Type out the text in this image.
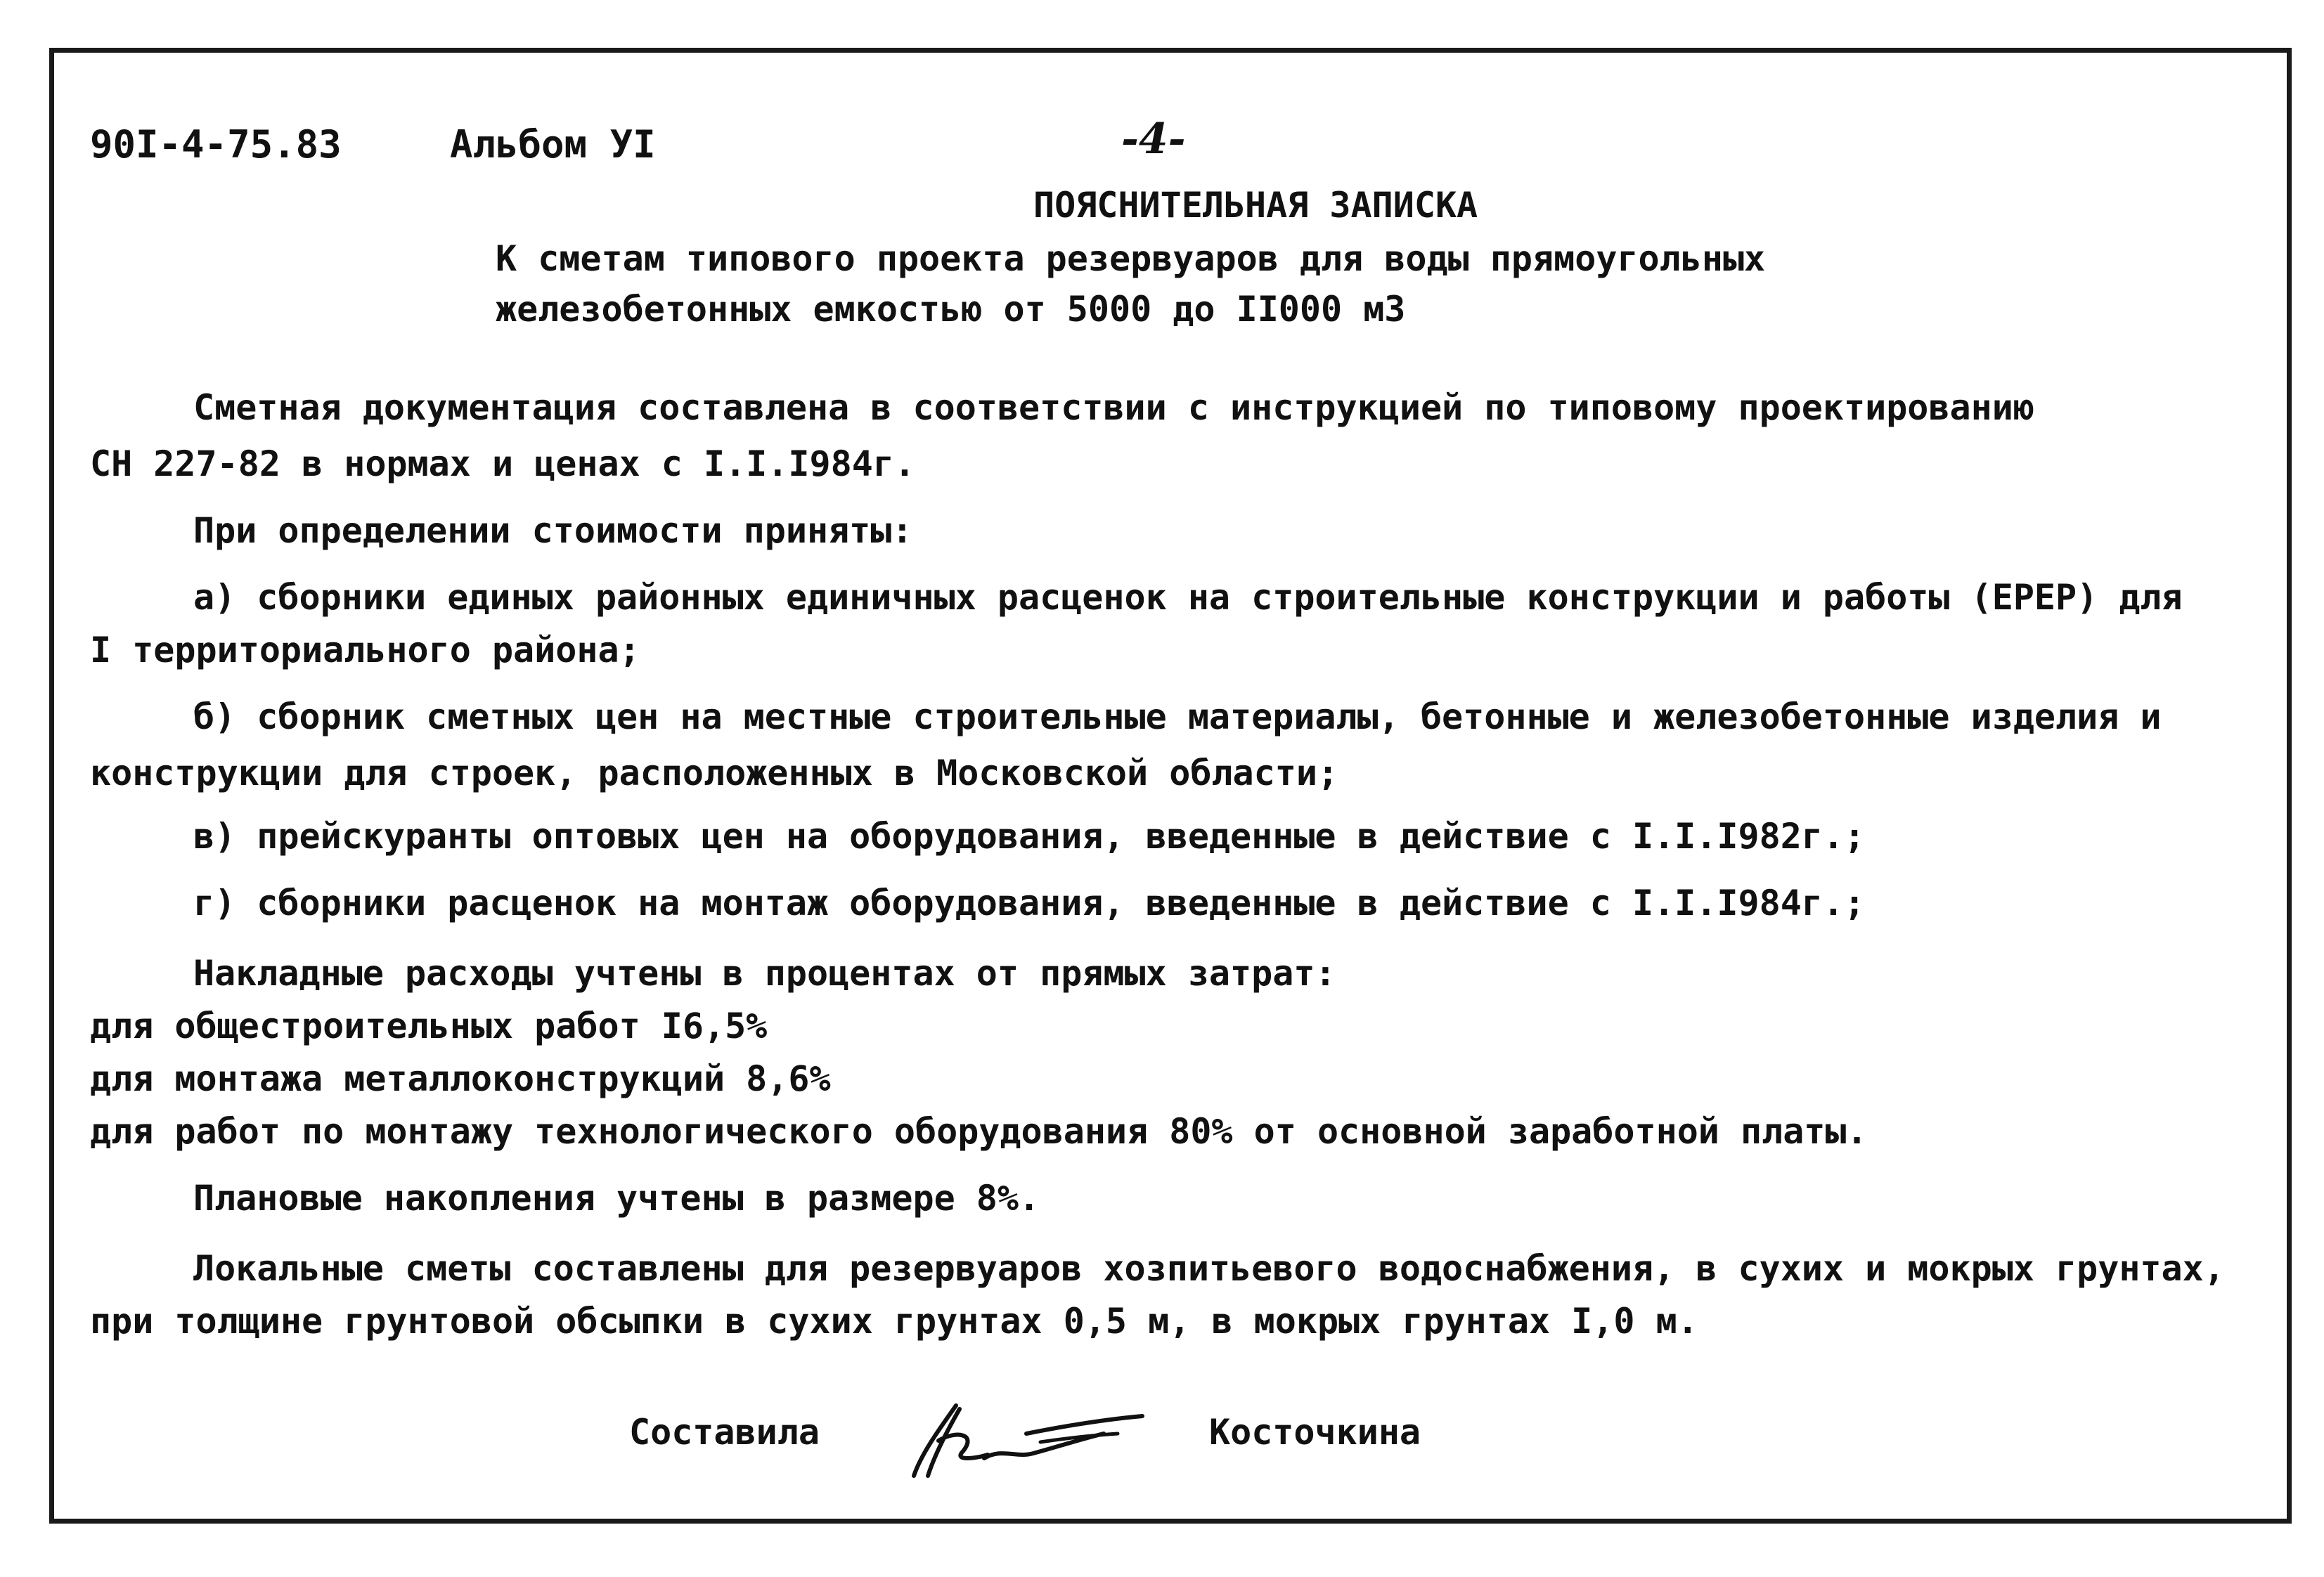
90I-4-75.83	Альбом УI	-4-
ПОЯСНИТЕЛЬНАЯ ЗАПИСКА
К сметам типового проекта резервуаров для воды прямоугольных
железобетонных емкостью от 5000 до II000 м3
Сметная документация составлена в соответствии с инструкцией по типовому проектированию
СН 227-82 в нормах и ценах с I.I.I984г.
При определении стоимости приняты:
а) сборники единых районных единичных расценок на строительные конструкции и работы (ЕРЕР) для
I территориального района;
б) сборник сметных цен на местные строительные материалы, бетонные и железобетонные изделия и
конструкции для строек, расположенных в Московской области;
в) прейскуранты оптовых цен на оборудования, введенные в действие с I.I.I982г.;
г) сборники расценок на монтаж оборудования, введенные в действие с I.I.I984г.;
Накладные расходы учтены в процентах от прямых затрат:
для общестроительных работ I6,5%
для монтажа металлоконструкций 8,6%
для работ по монтажу технологического оборудования 80% от основной заработной платы.
Плановые накопления учтены в размере 8%.
Локальные сметы составлены для резервуаров хозпитьевого водоснабжения, в сухих и мокрых грунтах,
при толщине грунтовой обсыпки в сухих грунтах 0,5 м, в мокрых грунтах I,0 м.
Составила	Косточкина
